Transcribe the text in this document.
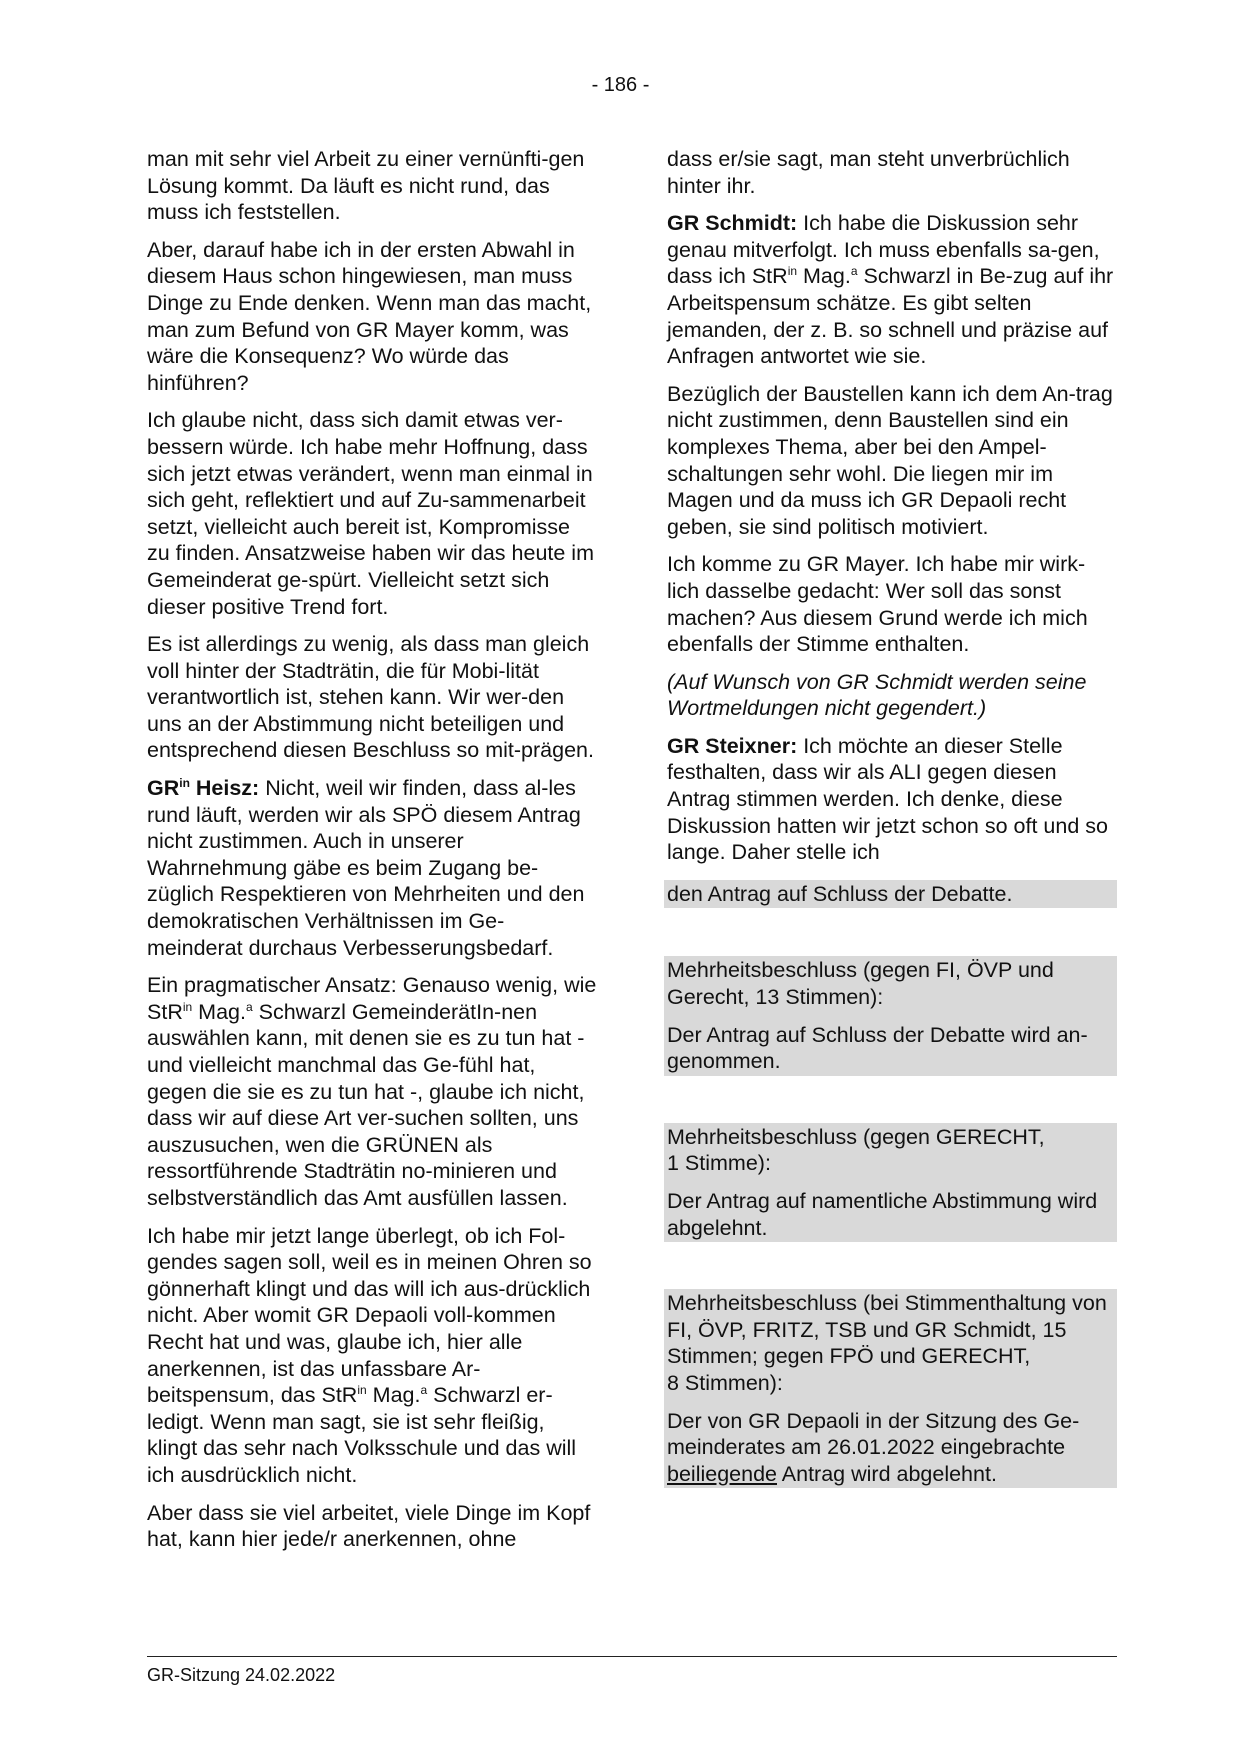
- 186 -

man mit sehr viel Arbeit zu einer vernünfti-gen Lösung kommt. Da läuft es nicht rund, das muss ich feststellen.

Aber, darauf habe ich in der ersten Abwahl in diesem Haus schon hingewiesen, man muss Dinge zu Ende denken. Wenn man das macht, man zum Befund von GR Mayer komm, was wäre die Konsequenz? Wo würde das hinführen?

Ich glaube nicht, dass sich damit etwas ver-bessern würde. Ich habe mehr Hoffnung, dass sich jetzt etwas verändert, wenn man einmal in sich geht, reflektiert und auf Zu-sammenarbeit setzt, vielleicht auch bereit ist, Kompromisse zu finden. Ansatzweise haben wir das heute im Gemeinderat ge-spürt. Vielleicht setzt sich dieser positive Trend fort.

Es ist allerdings zu wenig, als dass man gleich voll hinter der Stadträtin, die für Mobi-lität verantwortlich ist, stehen kann. Wir wer-den uns an der Abstimmung nicht beteiligen und entsprechend diesen Beschluss so mit-prägen.

$GR^{in}$ Heisz: Nicht, weil wir finden, dass al-les rund läuft, werden wir als SPÖ diesem Antrag nicht zustimmen. Auch in unserer Wahrnehmung gäbe es beim Zugang be-züglich Respektieren von Mehrheiten und den demokratischen Verhältnissen im Ge-meinderat durchaus Verbesserungsbedarf.

Ein pragmatischer Ansatz: Genauso wenig, wie StR$^{in}$ Mag.$^a$ Schwarzl GemeinderätIn-nen auswählen kann, mit denen sie es zu tun hat - und vielleicht manchmal das Ge-fühl hat, gegen die sie es zu tun hat -, glaube ich nicht, dass wir auf diese Art ver-suchen sollten, uns auszusuchen, wen die GRÜNEN als ressortführende Stadträtin no-minieren und selbstverständlich das Amt ausfüllen lassen.

Ich habe mir jetzt lange überlegt, ob ich Fol-gendes sagen soll, weil es in meinen Ohren so gönnerhaft klingt und das will ich aus-drücklich nicht. Aber womit GR Depaoli voll-kommen Recht hat und was, glaube ich, hier alle anerkennen, ist das unfassbare Ar-beitspensum, das StR$^{in}$ Mag.$^a$ Schwarzl er-ledigt. Wenn man sagt, sie ist sehr fleißig, klingt das sehr nach Volksschule und das will ich ausdrücklich nicht.

Aber dass sie viel arbeitet, viele Dinge im Kopf hat, kann hier jede/r anerkennen, ohne

dass er/sie sagt, man steht unverbrüchlich hinter ihr.

GR Schmidt: Ich habe die Diskussion sehr genau mitverfolgt. Ich muss ebenfalls sa-gen, dass ich StR$^{in}$ Mag.$^a$ Schwarzl in Be-zug auf ihr Arbeitspensum schätze. Es gibt selten jemanden, der z. B. so schnell und präzise auf Anfragen antwortet wie sie.

Bezüglich der Baustellen kann ich dem An-trag nicht zustimmen, denn Baustellen sind ein komplexes Thema, aber bei den Ampel-schaltungen sehr wohl. Die liegen mir im Magen und da muss ich GR Depaoli recht geben, sie sind politisch motiviert.

Ich komme zu GR Mayer. Ich habe mir wirk-lich dasselbe gedacht: Wer soll das sonst machen? Aus diesem Grund werde ich mich ebenfalls der Stimme enthalten.

(Auf Wunsch von GR Schmidt werden seine Wortmeldungen nicht gegendert.)

GR Steixner: Ich möchte an dieser Stelle festhalten, dass wir als ALI gegen diesen Antrag stimmen werden. Ich denke, diese Diskussion hatten wir jetzt schon so oft und so lange. Daher stelle ich

den Antrag auf Schluss der Debatte.

Mehrheitsbeschluss (gegen FI, ÖVP und Gerecht, 13 Stimmen):

Der Antrag auf Schluss der Debatte wird an-genommen.

Mehrheitsbeschluss (gegen GERECHT,
1 Stimme):

Der Antrag auf namentliche Abstimmung wird abgelehnt.

Mehrheitsbeschluss (bei Stimmenthaltung von FI, ÖVP, FRITZ, TSB und GR Schmidt, 15 Stimmen; gegen FPÖ und GERECHT,
8 Stimmen):

Der von GR Depaoli in der Sitzung des Ge-meinderates am 26.01.2022 eingebrachte beiliegende Antrag wird abgelehnt.

GR-Sitzung 24.02.2022
